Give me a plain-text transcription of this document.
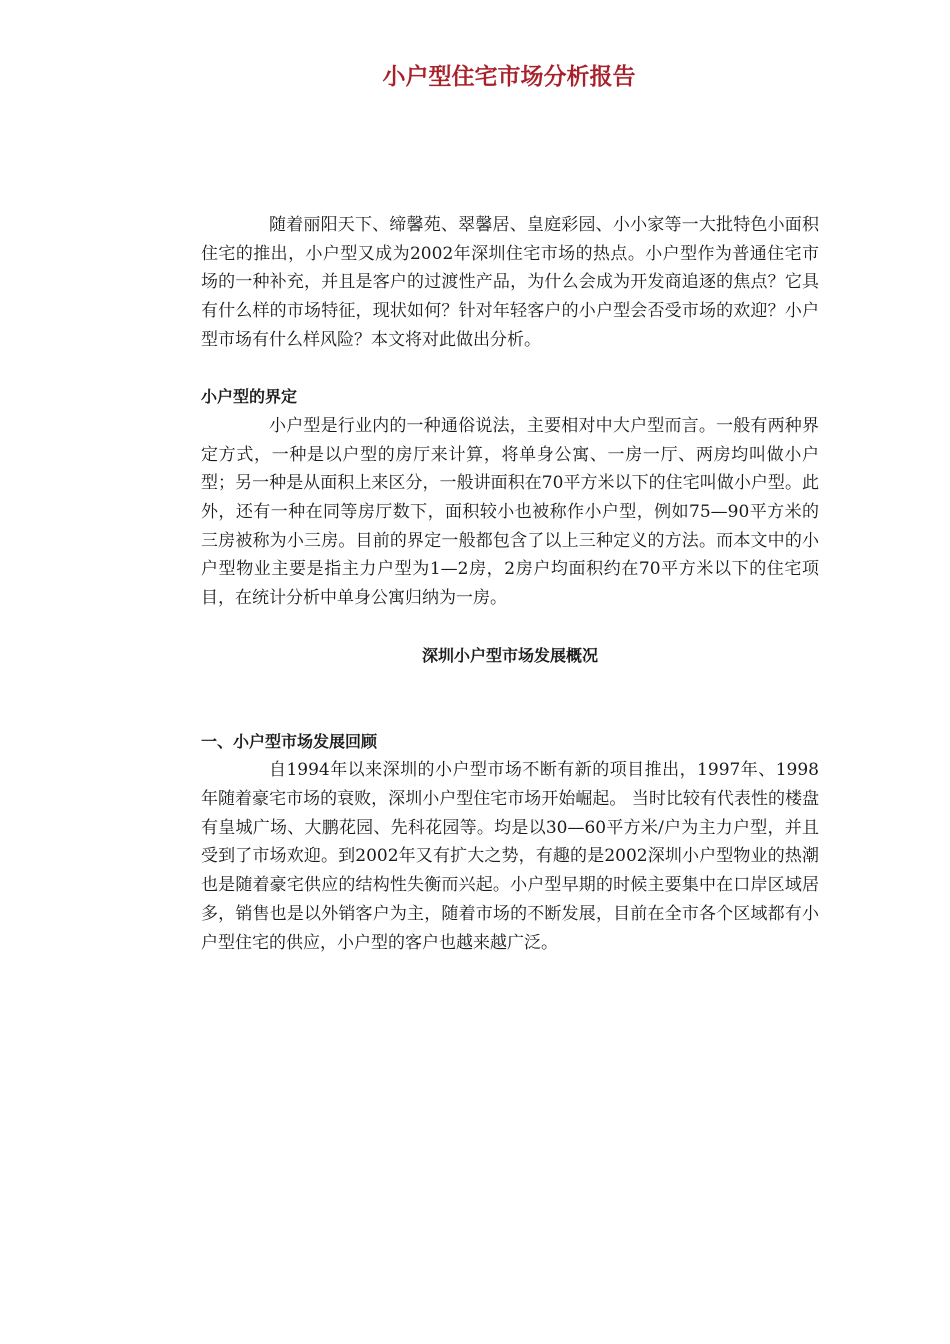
小户型住宅市场分析报告

随着丽阳天下、缔馨苑、翠馨居、皇庭彩园、小小家等一大批特色小面积住宅的推出，小户型又成为2002年深圳住宅市场的热点。小户型作为普通住宅市场的一种补充，并且是客户的过渡性产品，为什么会成为开发商追逐的焦点？它具有什么样的市场特征，现状如何？针对年轻客户的小户型会否受市场的欢迎？小户型市场有什么样风险？本文将对此做出分析。

小户型的界定

小户型是行业内的一种通俗说法，主要相对中大户型而言。一般有两种界定方式，一种是以户型的房厅来计算，将单身公寓、一房一厅、两房均叫做小户型；另一种是从面积上来区分，一般讲面积在70平方米以下的住宅叫做小户型。此外，还有一种在同等房厅数下，面积较小也被称作小户型，例如75—90平方米的三房被称为小三房。目前的界定一般都包含了以上三种定义的方法。而本文中的小户型物业主要是指主力户型为1—2房，2房户均面积约在70平方米以下的住宅项目，在统计分析中单身公寓归纳为一房。

深圳小户型市场发展概况

一、小户型市场发展回顾

自1994年以来深圳的小户型市场不断有新的项目推出，1997年、1998年随着豪宅市场的衰败，深圳小户型住宅市场开始崛起。 当时比较有代表性的楼盘有皇城广场、大鹏花园、先科花园等。均是以30—60平方米/户为主力户型，并且受到了市场欢迎。到2002年又有扩大之势，有趣的是2002深圳小户型物业的热潮也是随着豪宅供应的结构性失衡而兴起。小户型早期的时候主要集中在口岸区域居多，销售也是以外销客户为主，随着市场的不断发展，目前在全市各个区域都有小户型住宅的供应，小户型的客户也越来越广泛。
